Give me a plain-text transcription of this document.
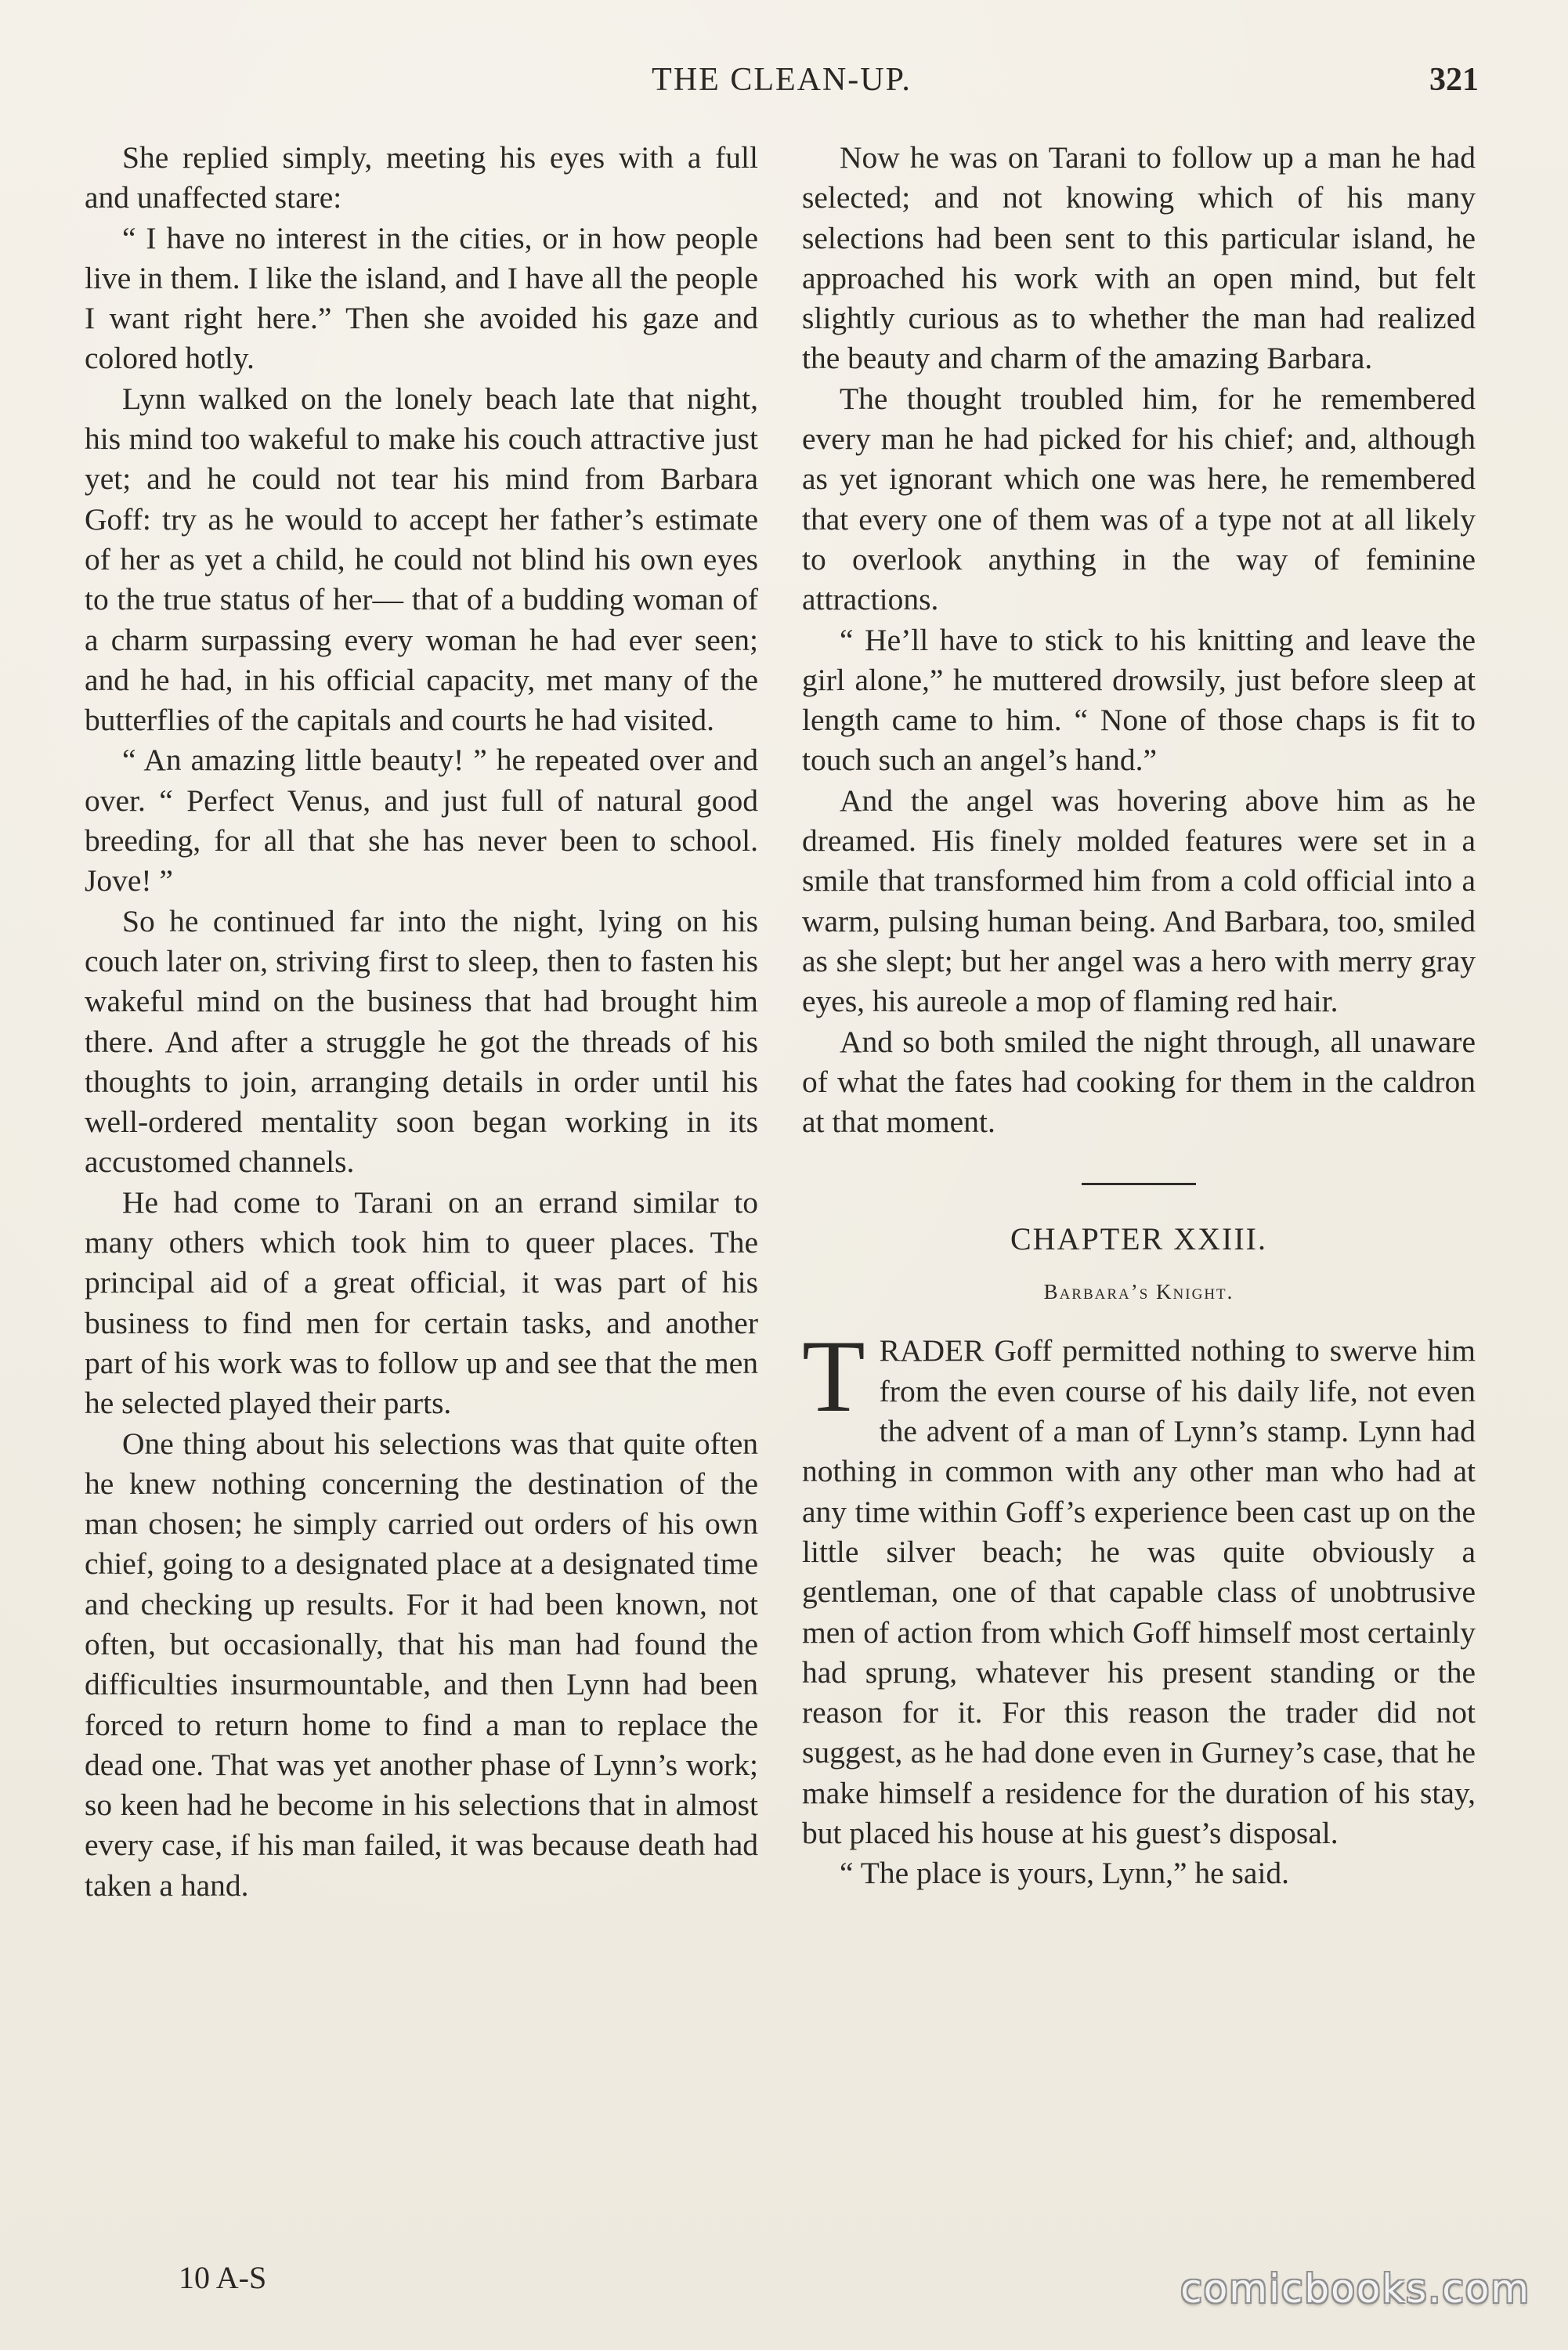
THE CLEAN-UP.	321

She replied simply, meeting his eyes with a full and unaffected stare:

“ I have no interest in the cities, or in how people live in them. I like the island, and I have all the people I want right here.” Then she avoided his gaze and colored hotly.

Lynn walked on the lonely beach late that night, his mind too wakeful to make his couch attractive just yet; and he could not tear his mind from Barbara Goff: try as he would to accept her father’s estimate of her as yet a child, he could not blind his own eyes to the true status of her— that of a budding woman of a charm surpassing every woman he had ever seen; and he had, in his official capacity, met many of the butterflies of the capitals and courts he had visited.

“ An amazing little beauty! ” he repeated over and over. “ Perfect Venus, and just full of natural good breeding, for all that she has never been to school. Jove! ”

So he continued far into the night, lying on his couch later on, striving first to sleep, then to fasten his wakeful mind on the business that had brought him there. And after a struggle he got the threads of his thoughts to join, arranging details in order until his well-ordered mentality soon began working in its accustomed channels.

He had come to Tarani on an errand similar to many others which took him to queer places. The principal aid of a great official, it was part of his business to find men for certain tasks, and another part of his work was to follow up and see that the men he selected played their parts.

One thing about his selections was that quite often he knew nothing concerning the destination of the man chosen; he simply carried out orders of his own chief, going to a designated place at a designated time and checking up results. For it had been known, not often, but occasionally, that his man had found the difficulties insurmountable, and then Lynn had been forced to return home to find a man to replace the dead one. That was yet another phase of Lynn’s work; so keen had he become in his selections that in almost every case, if his man failed, it was because death had taken a hand.

Now he was on Tarani to follow up a man he had selected; and not knowing which of his many selections had been sent to this particular island, he approached his work with an open mind, but felt slightly curious as to whether the man had realized the beauty and charm of the amazing Barbara.

The thought troubled him, for he remembered every man he had picked for his chief; and, although as yet ignorant which one was here, he remembered that every one of them was of a type not at all likely to overlook anything in the way of feminine attractions.

“ He’ll have to stick to his knitting and leave the girl alone,” he muttered drowsily, just before sleep at length came to him. “ None of those chaps is fit to touch such an angel’s hand.”

And the angel was hovering above him as he dreamed. His finely molded features were set in a smile that transformed him from a cold official into a warm, pulsing human being. And Barbara, too, smiled as she slept; but her angel was a hero with merry gray eyes, his aureole a mop of flaming red hair.

And so both smiled the night through, all unaware of what the fates had cooking for them in the caldron at that moment.

CHAPTER XXIII.
Barbara’s Knight.

TRADER Goff permitted nothing to swerve him from the even course of his daily life, not even the advent of a man of Lynn’s stamp. Lynn had nothing in common with any other man who had at any time within Goff’s experience been cast up on the little silver beach; he was quite obviously a gentleman, one of that capable class of unobtrusive men of action from which Goff himself most certainly had sprung, whatever his present standing or the reason for it. For this reason the trader did not suggest, as he had done even in Gurney’s case, that he make himself a residence for the duration of his stay, but placed his house at his guest’s disposal.

“ The place is yours, Lynn,” he said.

10 A-S	comicbooks.com
